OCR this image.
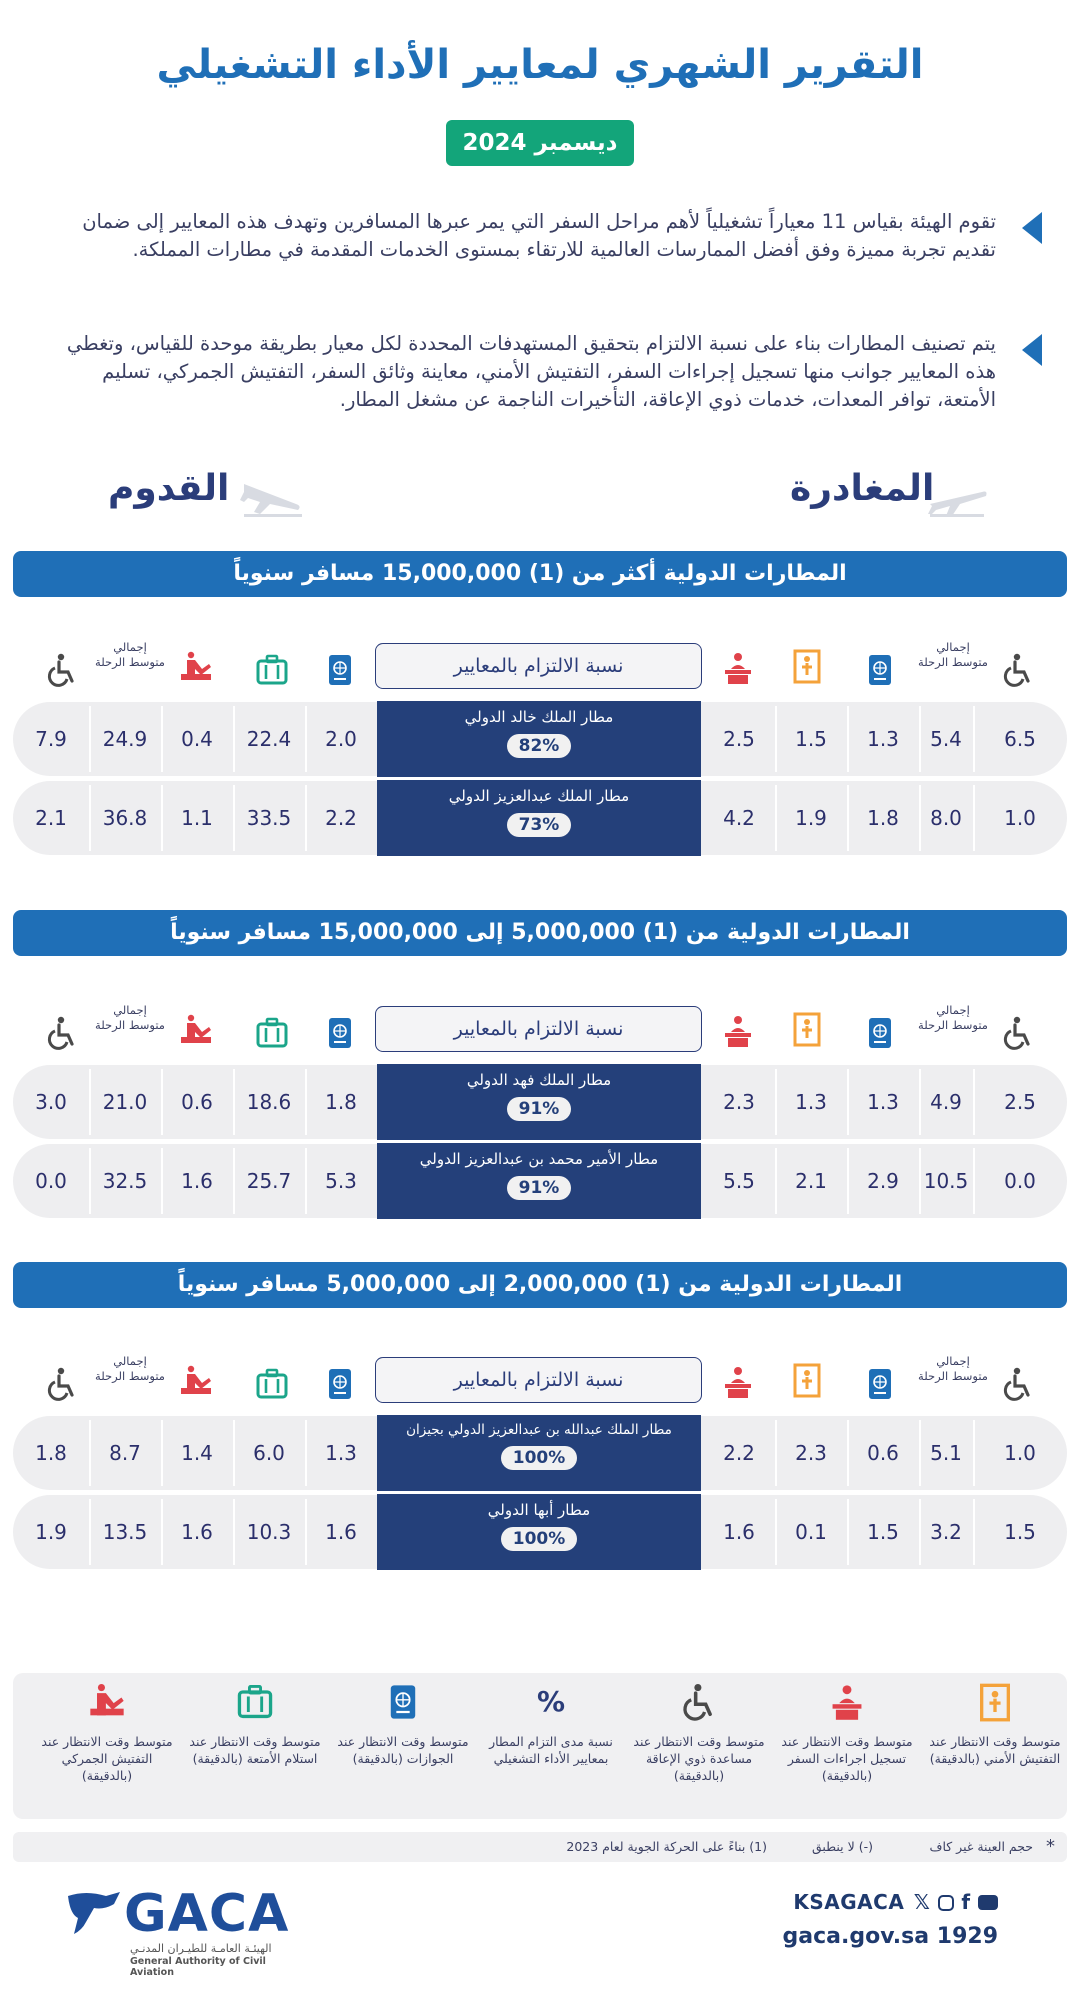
التقرير الشهري لمعايير الأداء التشغيلي
ديسمبر 2024

تقوم الهيئة بقياس 11 معياراً تشغيلياً لأهم مراحل السفر التي يمر عبرها المسافرين وتهدف هذه المعايير إلى ضمان تقديم تجربة مميزة وفق أفضل الممارسات العالمية للارتقاء بمستوى الخدمات المقدمة في مطارات المملكة.

يتم تصنيف المطارات بناء على نسبة الالتزام بتحقيق المستهدفات المحددة لكل معيار بطريقة موحدة للقياس، وتغطي هذه المعايير جوانب منها تسجيل إجراءات السفر، التفتيش الأمني، معاينة وثائق السفر، التفتيش الجمركي، تسليم الأمتعة، توافر المعدات، خدمات ذوي الإعاقة، التأخيرات الناجمة عن مشغل المطار.

المغادرة
القدوم
المطارات الدولية أكثر من (1) 15,000,000 مسافر سنوياً
إجمالي متوسط الرحلة
نسبة الالتزام بالمعايير
إجمالي متوسط الرحلة
6.5
5.4
1.3
1.5
2.5
2.0
22.4
0.4
24.9
7.9
مطار الملك خالد الدولي
82%
1.0
8.0
1.8
1.9
4.2
2.2
33.5
1.1
36.8
2.1
مطار الملك عبدالعزيز الدولي
73%
المطارات الدولية من (1) 5,000,000 إلى 15,000,000 مسافر سنوياً
إجمالي متوسط الرحلة
نسبة الالتزام بالمعايير
إجمالي متوسط الرحلة
2.5
4.9
1.3
1.3
2.3
1.8
18.6
0.6
21.0
3.0
مطار الملك فهد الدولي
91%
0.0
10.5
2.9
2.1
5.5
5.3
25.7
1.6
32.5
0.0
مطار الأمير محمد بن عبدالعزيز الدولي
91%
المطارات الدولية من (1) 2,000,000 إلى 5,000,000 مسافر سنوياً
إجمالي متوسط الرحلة
نسبة الالتزام بالمعايير
إجمالي متوسط الرحلة
1.0
5.1
0.6
2.3
2.2
1.3
6.0
1.4
8.7
1.8
مطار الملك عبدالله بن عبدالعزيز الدولي بجيزان
100%
1.5
3.2
1.5
0.1
1.6
1.6
10.3
1.6
13.5
1.9
مطار أبها الدولي
100%
متوسط وقت الانتظار عند التفتيش الأمني (بالدقيقة)
متوسط وقت الانتظار عند تسجيل اجراءات السفر (بالدقيقة)
متوسط وقت الانتظار عند مساعدة ذوي الإعاقة (بالدقيقة)
%
نسبة مدى التزام المطار بمعايير الأداء التشغيلي
متوسط وقت الانتظار عند الجوازات (بالدقيقة)
متوسط وقت الانتظار عند استلام الأمتعة (بالدقيقة)
متوسط وقت الانتظار عند التفتيش الجمركي (بالدقيقة)
*
حجم العينة غير كاف
(-) لا ينطبق
(1) بناءً على الحركة الجوية لعام 2023
GACA
الهيئـة العامـة للطيـران المدنـي
General Authority of Civil Aviation
KSAGACA 𝕏 f
gaca.gov.sa 1929
